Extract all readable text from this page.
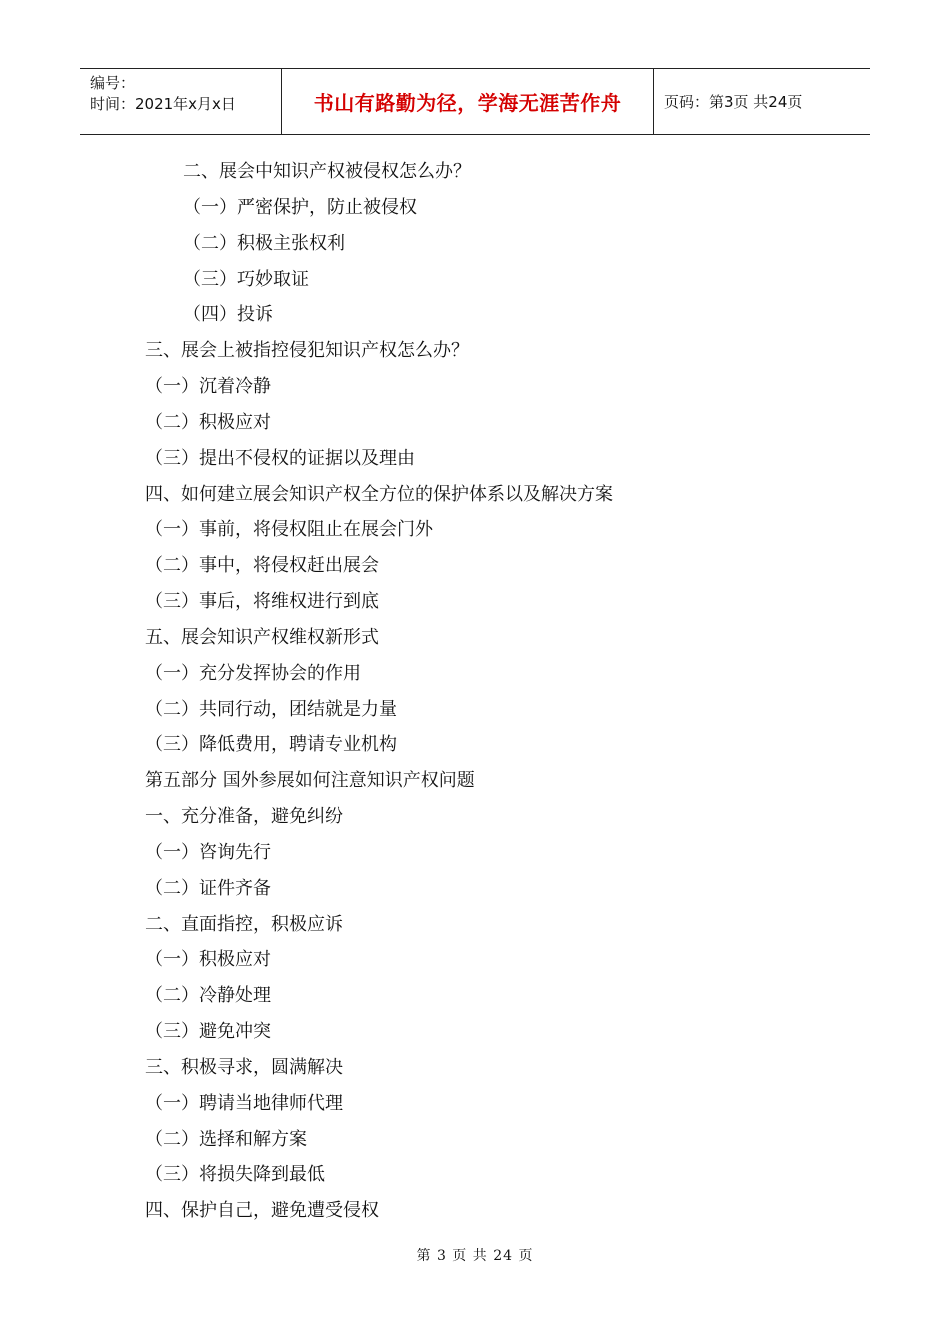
编号：
时间：2021年x月x日	书山有路勤为径，学海无涯苦作舟	页码：第3页 共24页
二、展会中知识产权被侵权怎么办？
（一）严密保护，防止被侵权
（二）积极主张权利
（三）巧妙取证
（四）投诉
三、展会上被指控侵犯知识产权怎么办？
（一）沉着冷静
（二）积极应对
（三）提出不侵权的证据以及理由
四、如何建立展会知识产权全方位的保护体系以及解决方案
（一）事前，将侵权阻止在展会门外
（二）事中，将侵权赶出展会
（三）事后，将维权进行到底
五、展会知识产权维权新形式
（一）充分发挥协会的作用
（二）共同行动，团结就是力量
（三）降低费用，聘请专业机构
第五部分 国外参展如何注意知识产权问题
一、充分准备，避免纠纷
（一）咨询先行
（二）证件齐备
二、直面指控，积极应诉
（一）积极应对
（二）冷静处理
（三）避免冲突
三、积极寻求，圆满解决
（一）聘请当地律师代理
（二）选择和解方案
（三）将损失降到最低
四、保护自己，避免遭受侵权
第 3 页 共 24 页
